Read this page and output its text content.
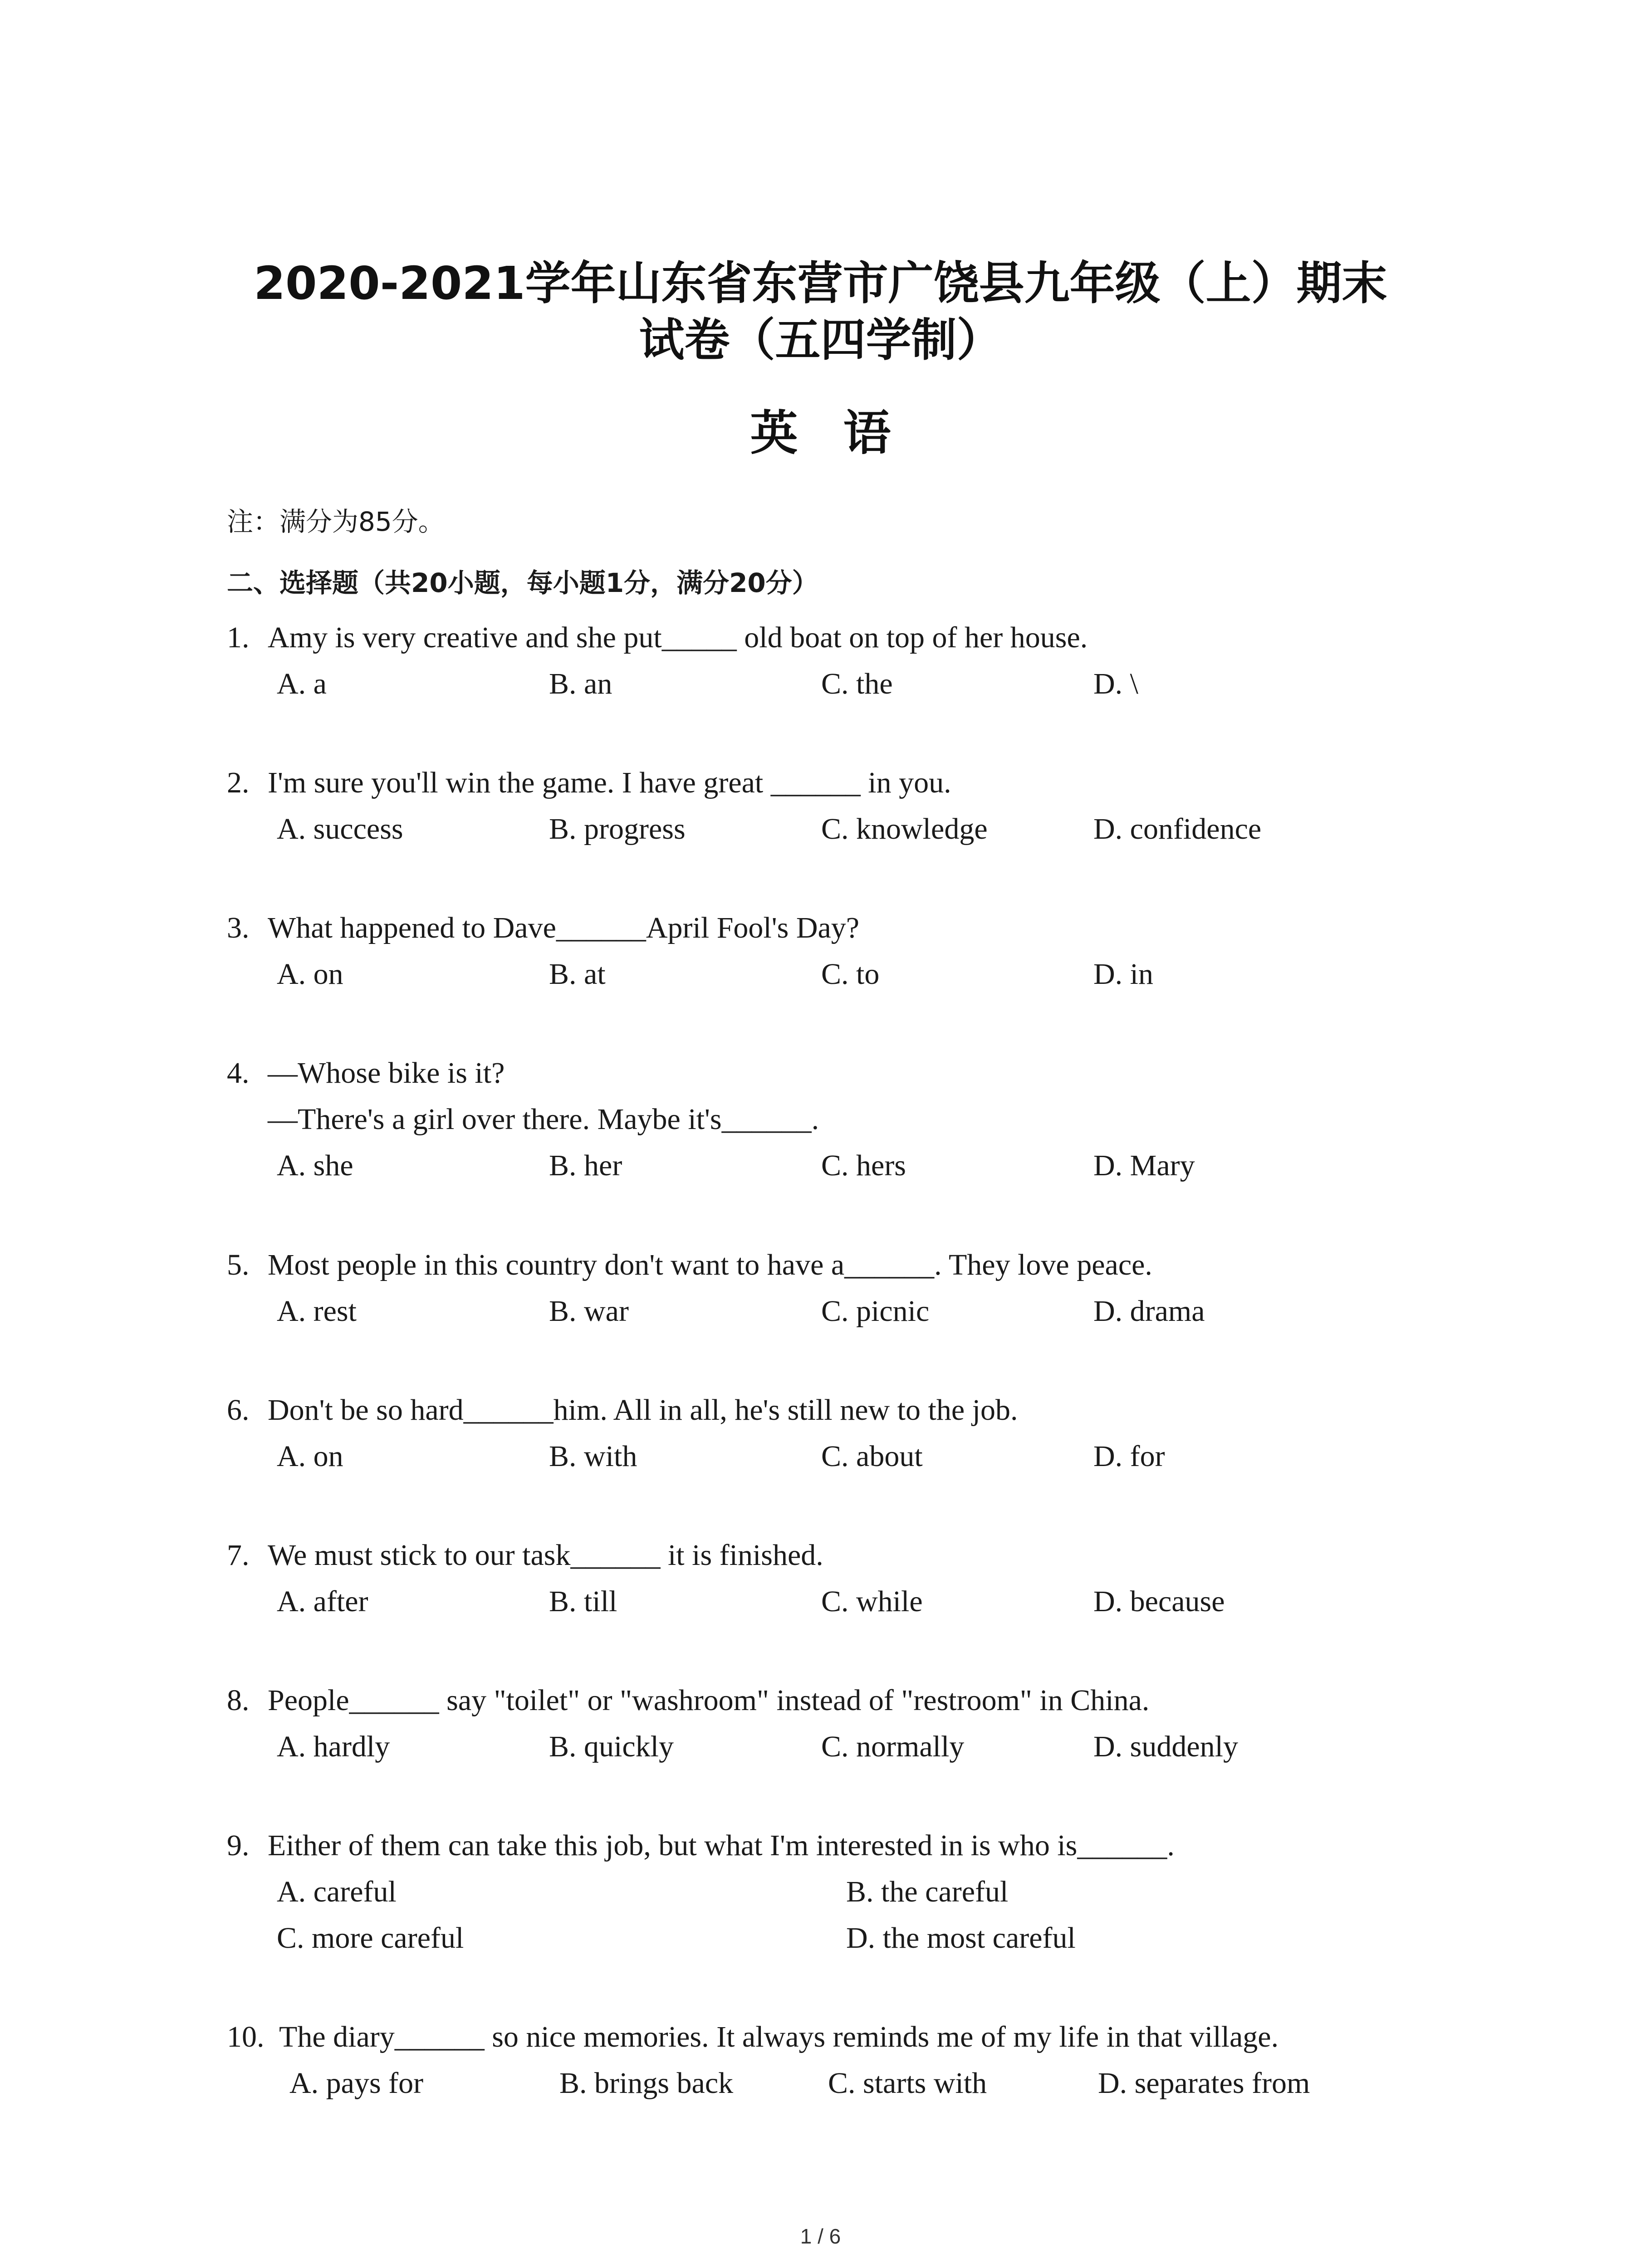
2020-2021学年山东省东营市广饶县九年级（上）期末
试卷（五四学制）
英语
注：满分为85分。
二、选择题（共20小题，每小题1分，满分20分）
1. Amy is very creative and she put_____ old boat on top of her house.
A. a	B. an	C. the	D. \
2. I'm sure you'll win the game. I have great ______ in you.
A. success	B. progress	C. knowledge	D. confidence
3. What happened to Dave______April Fool's Day?
A. on	B. at	C. to	D. in
4. —Whose bike is it?
—There's a girl over there. Maybe it's______.
A. she	B. her	C. hers	D. Mary
5. Most people in this country don't want to have a______. They love peace.
A. rest	B. war	C. picnic	D. drama
6. Don't be so hard______him. All in all, he's still new to the job.
A. on	B. with	C. about	D. for
7. We must stick to our task______ it is finished.
A. after	B. till	C. while	D. because
8. People______ say "toilet" or "washroom" instead of "restroom" in China.
A. hardly	B. quickly	C. normally	D. suddenly
9. Either of them can take this job, but what I'm interested in is who is______.
A. careful	B. the careful
C. more careful	D. the most careful
10. The diary______ so nice memories. It always reminds me of my life in that village.
A. pays for	B. brings back	C. starts with	D. separates from
1 / 6
